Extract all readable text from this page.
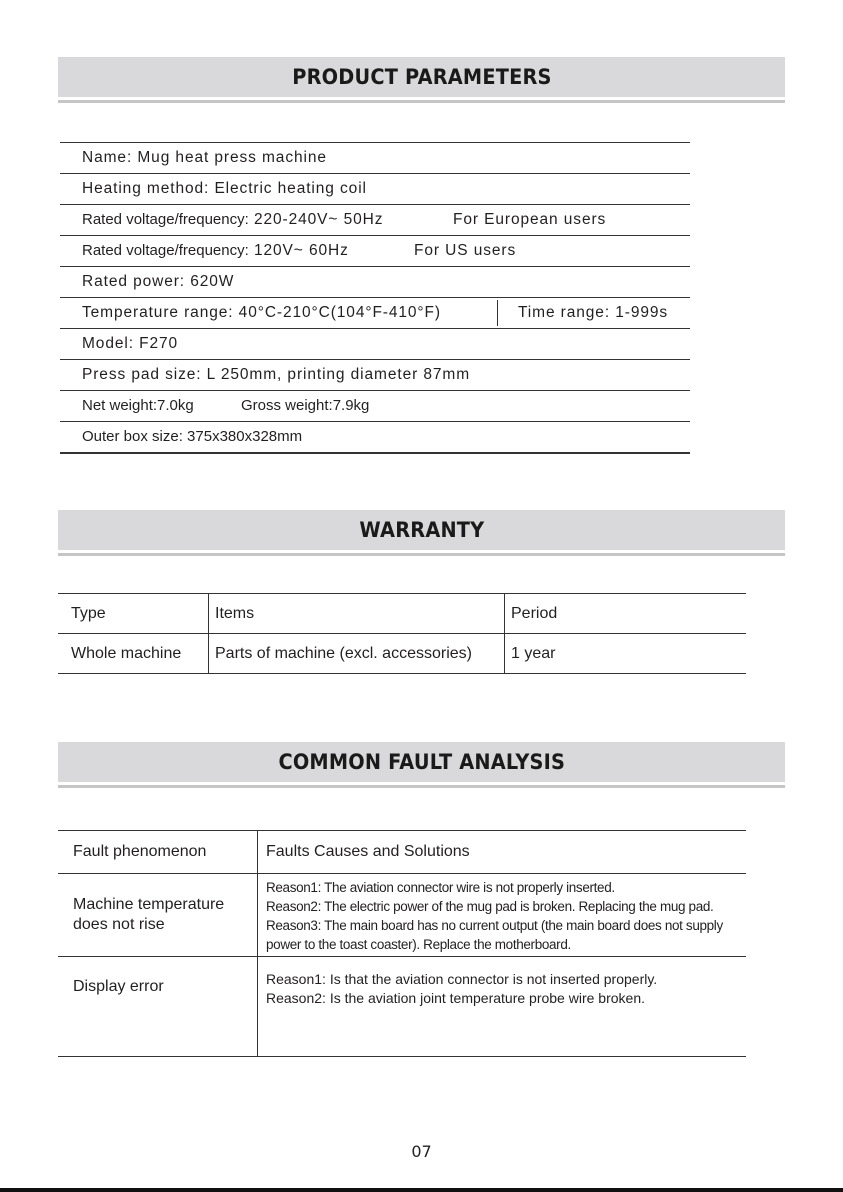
PRODUCT PARAMETERS
Name: Mug heat press machine
Heating method: Electric heating coil
Rated voltage/frequency: 220-240V~ 50Hz	For European users
Rated voltage/frequency: 120V~ 60Hz	For US users
Rated power: 620W
Temperature range: 40°C-210°C(104°F-410°F)	Time range: 1-999s
Model: F270
Press pad size: L 250mm, printing diameter 87mm
Net weight:7.0kg	Gross weight:7.9kg
Outer box size: 375x380x328mm
WARRANTY
Type	Items	Period
Whole machine	Parts of machine (excl. accessories)	1 year
COMMON FAULT ANALYSIS
Fault phenomenon	Faults Causes and Solutions
Machine temperature does not rise	Reason1: The aviation connector wire is not properly inserted.
Reason2: The electric power of the mug pad is broken. Replacing the mug pad.
Reason3: The main board has no current output (the main board does not supply
power to the toast coaster). Replace the motherboard.

Display error	Reason1: Is that the aviation connector is not inserted properly.
Reason2: Is the aviation joint temperature probe wire broken.
07
